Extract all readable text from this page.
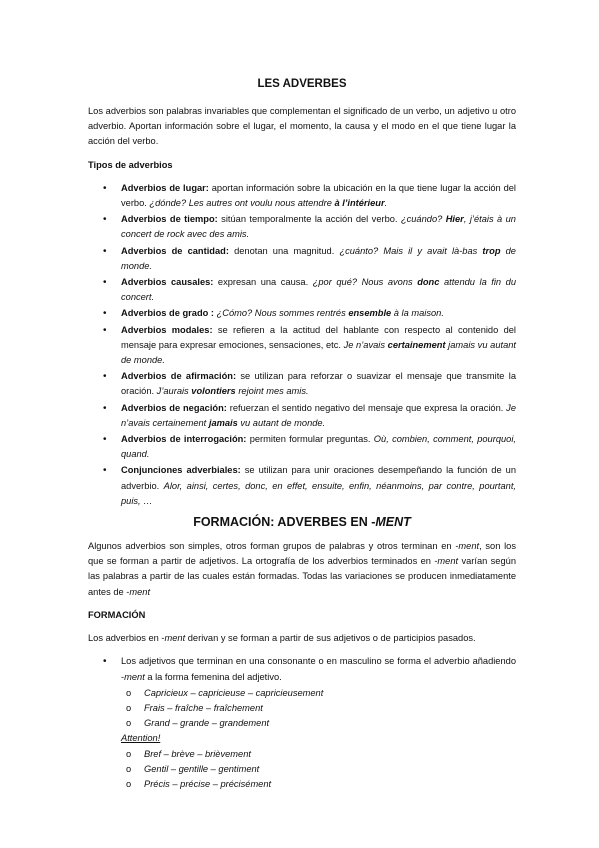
LES ADVERBES

Los adverbios son palabras invariables que complementan el significado de un verbo, un adjetivo u otro adverbio. Aportan información sobre el lugar, el momento, la causa y el modo en el que tiene lugar la acción del verbo.

Tipos de adverbios
• Adverbios de lugar: aportan información sobre la ubicación en la que tiene lugar la acción del verbo. ¿dónde? Les autres ont voulu nous attendre à l’intérieur.
• Adverbios de tiempo: sitúan temporalmente la acción del verbo. ¿cuándo? Hier, j’étais à un concert de rock avec des amis.
• Adverbios de cantidad: denotan una magnitud. ¿cuánto? Mais il y avait là-bas trop de monde.
• Adverbios causales: expresan una causa. ¿por qué? Nous avons donc attendu la fin du concert.
• Adverbios de grado : ¿Cómo? Nous sommes rentrés ensemble à la maison.
• Adverbios modales: se refieren a la actitud del hablante con respecto al contenido del mensaje para expresar emociones, sensaciones, etc. Je n’avais certainement jamais vu autant de monde.
• Adverbios de afirmación: se utilizan para reforzar o suavizar el mensaje que transmite la oración. J’aurais volontiers rejoint mes amis.
• Adverbios de negación: refuerzan el sentido negativo del mensaje que expresa la oración. Je n’avais certainement jamais vu autant de monde.
• Adverbios de interrogación: permiten formular preguntas. Où, combien, comment, pourquoi, quand.
• Conjunciones adverbiales: se utilizan para unir oraciones desempeñando la función de un adverbio. Alor, ainsi, certes, donc, en effet, ensuite, enfin, néanmoins, par contre, pourtant, puis, …
FORMACIÓN: ADVERBES EN -MENT

Algunos adverbios son simples, otros forman grupos de palabras y otros terminan en -ment, son los que se forman a partir de adjetivos. La ortografía de los adverbios terminados en -ment varían según las palabras a partir de las cuales están formadas. Todas las variaciones se producen inmediatamente antes de -ment

FORMACIÓN

Los adverbios en -ment derivan y se forman a partir de sus adjetivos o de participios pasados.

• Los adjetivos que terminan en una consonante o en masculino se forma el adverbio añadiendo -ment a la forma femenina del adjetivo.
o Capricieux – capricieuse – capricieusement
o Frais – fraîche – fraîchement
o Grand – grande – grandement
Attention!
o Bref – brève – brièvement
o Gentil – gentille – gentiment
o Précis – précise – précisément
